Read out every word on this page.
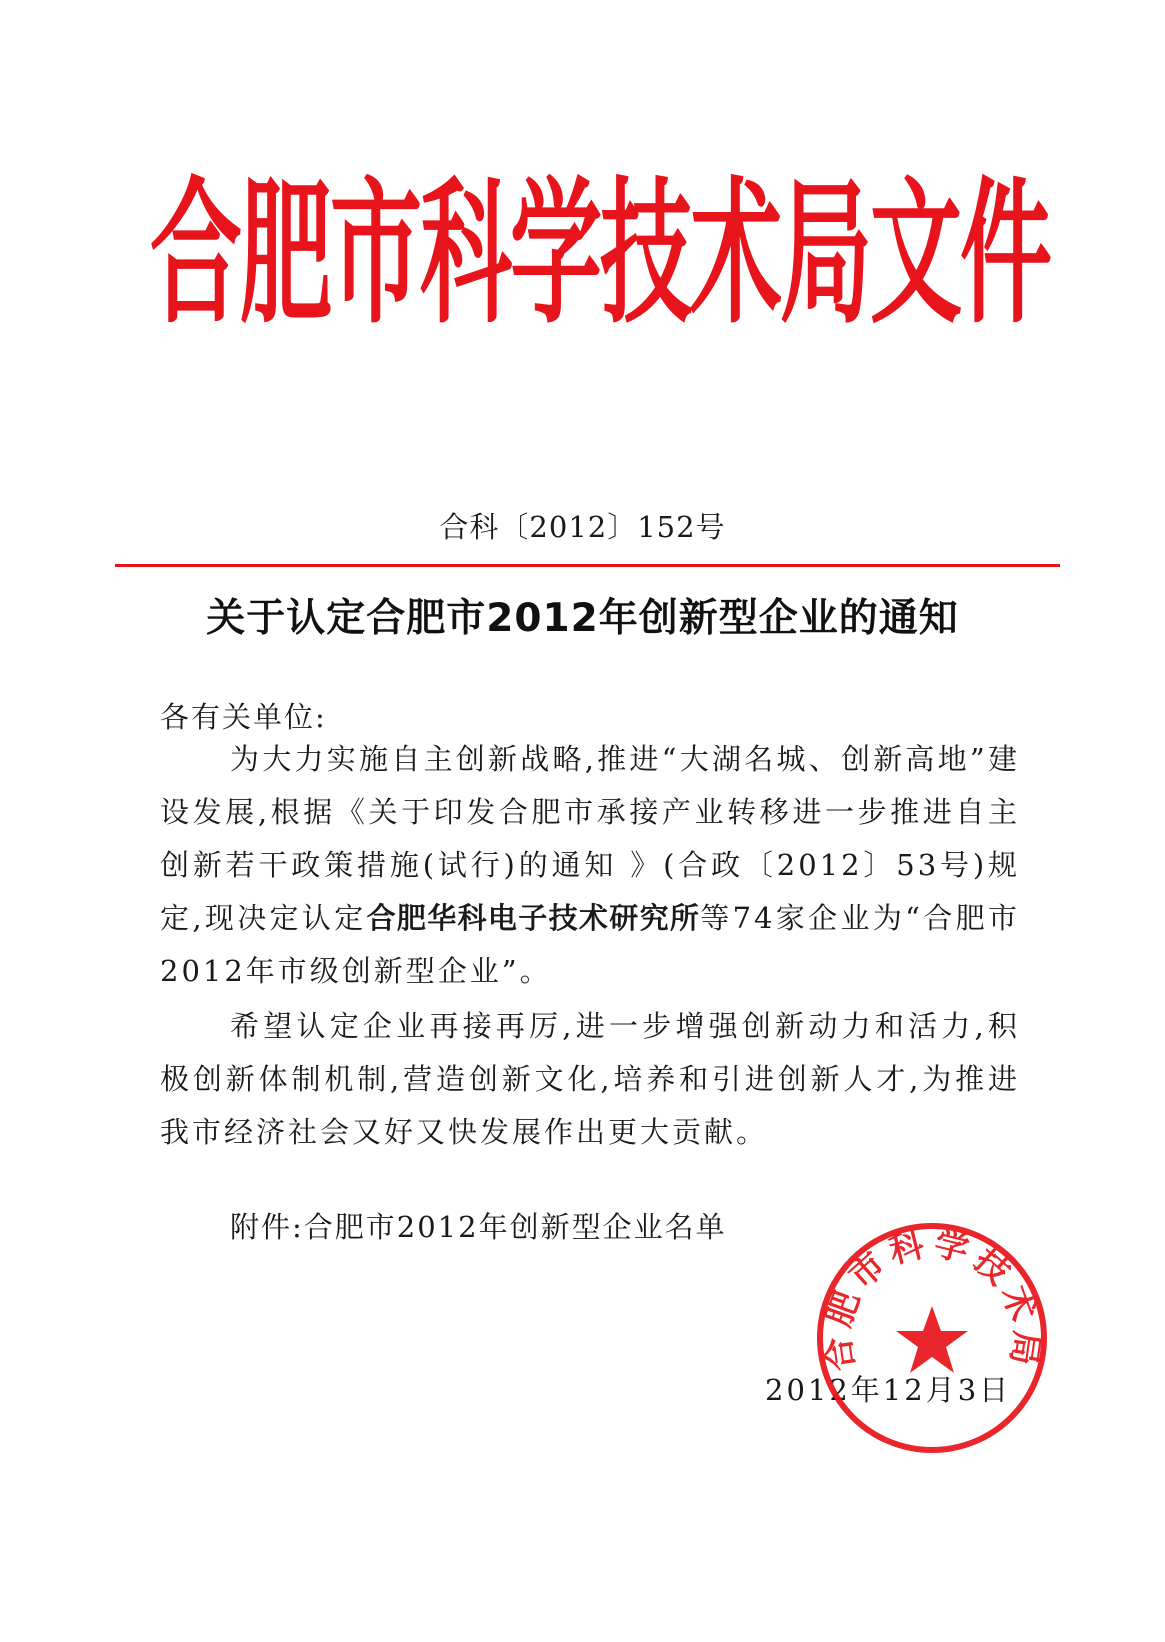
合肥市科学技术局文件
合科〔2012〕152号
关于认定合肥市2012年创新型企业的通知
各有关单位:
为大力实施自主创新战略,推进“大湖名城、创新高地”建设发展,根据《关于印发合肥市承接产业转移进一步推进自主创新若干政策措施(试行)的通知 》(合政〔2012〕53号)规定,现决定认定合肥华科电子技术研究所等74家企业为“合肥市2012年市级创新型企业”。
希望认定企业再接再厉,进一步增强创新动力和活力,积极创新体制机制,营造创新文化,培养和引进创新人才,为推进我市经济社会又好又快发展作出更大贡献。
附件:合肥市2012年创新型企业名单
2012年12月3日
合肥市科学技术局
